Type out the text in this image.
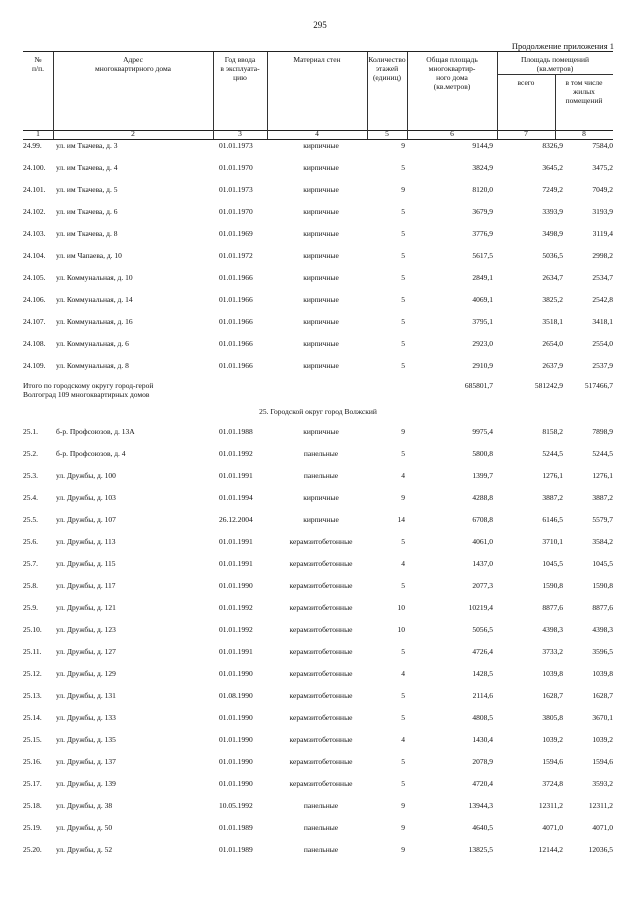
295
Продолжение приложения 1
№
п/п.
Адрес
многоквартирного дома
Год ввода
в эксплуата-
цию
Материал стен	Количество
этажей
(единиц)
Общая площадь
многоквартир-
ного дома
(кв.метров)
Площадь помещений
(кв.метров)
всего	в том числе
жилых
помещений
1	2	3	4	5	6	7	8
24.99. ул. им Ткачева, д. 3	01.01.1973	кирпичные	9	9144,9	8326,9	7584,0
24.100. ул. им Ткачева, д. 4	01.01.1970	кирпичные	5	3824,9	3645,2	3475,2
24.101. ул. им Ткачева, д. 5	01.01.1973	кирпичные	9	8120,0	7249,2	7049,2
24.102. ул. им Ткачева, д. 6	01.01.1970	кирпичные	5	3679,9	3393,9	3193,9
24.103. ул. им Ткачева, д. 8	01.01.1969	кирпичные	5	3776,9	3498,9	3119,4
24.104. ул. им Чапаева, д. 10	01.01.1972	кирпичные	5	5617,5	5036,5	2998,2
24.105. ул. Коммунальная, д. 10	01.01.1966	кирпичные	5	2849,1	2634,7	2534,7
24.106. ул. Коммунальная, д. 14	01.01.1966	кирпичные	5	4069,1	3825,2	2542,8
24.107. ул. Коммунальная, д. 16	01.01.1966	кирпичные	5	3795,1	3518,1	3418,1
24.108. ул. Коммунальная, д. 6	01.01.1966	кирпичные	5	2923,0	2654,0	2554,0
24.109. ул. Коммунальная, д. 8	01.01.1966	кирпичные	5	2910,9	2637,9	2537,9
Итого по городскому округу город-герой
Волгоград 109 многоквартирных домов
685801,7	581242,9	517466,7
25. Городской округ город Волжский
25.1. б-р. Профсоюзов, д. 13А	01.01.1988	кирпичные	9	9975,4	8158,2	7898,9
25.2. б-р. Профсоюзов, д. 4	01.01.1992	панельные	5	5800,8	5244,5	5244,5
25.3. ул. Дружбы, д. 100	01.01.1991	панельные	4	1399,7	1276,1	1276,1
25.4. ул. Дружбы, д. 103	01.01.1994	кирпичные	9	4288,8	3887,2	3887,2
25.5. ул. Дружбы, д. 107	26.12.2004	кирпичные	14	6708,8	6146,5	5579,7
25.6. ул. Дружбы, д. 113	01.01.1991	керамзитобетонные	5	4061,0	3710,1	3584,2
25.7. ул. Дружбы, д. 115	01.01.1991	керамзитобетонные	4	1437,0	1045,5	1045,5
25.8. ул. Дружбы, д. 117	01.01.1990	керамзитобетонные	5	2077,3	1590,8	1590,8
25.9. ул. Дружбы, д. 121	01.01.1992	керамзитобетонные	10	10219,4	8877,6	8877,6
25.10. ул. Дружбы, д. 123	01.01.1992	керамзитобетонные	10	5056,5	4398,3	4398,3
25.11. ул. Дружбы, д. 127	01.01.1991	керамзитобетонные	5	4726,4	3733,2	3596,5
25.12. ул. Дружбы, д. 129	01.01.1990	керамзитобетонные	4	1428,5	1039,8	1039,8
25.13. ул. Дружбы, д. 131	01.08.1990	керамзитобетонные	5	2114,6	1628,7	1628,7
25.14. ул. Дружбы, д. 133	01.01.1990	керамзитобетонные	5	4808,5	3805,8	3670,1
25.15. ул. Дружбы, д. 135	01.01.1990	керамзитобетонные	4	1430,4	1039,2	1039,2
25.16. ул. Дружбы, д. 137	01.01.1990	керамзитобетонные	5	2078,9	1594,6	1594,6
25.17. ул. Дружбы, д. 139	01.01.1990	керамзитобетонные	5	4720,4	3724,8	3593,2
25.18. ул. Дружбы, д. 38	10.05.1992	панельные	9	13944,3	12311,2	12311,2
25.19. ул. Дружбы, д. 50	01.01.1989	панельные	9	4640,5	4071,0	4071,0
25.20. ул. Дружбы, д. 52	01.01.1989	панельные	9	13825,5	12144,2	12036,5
